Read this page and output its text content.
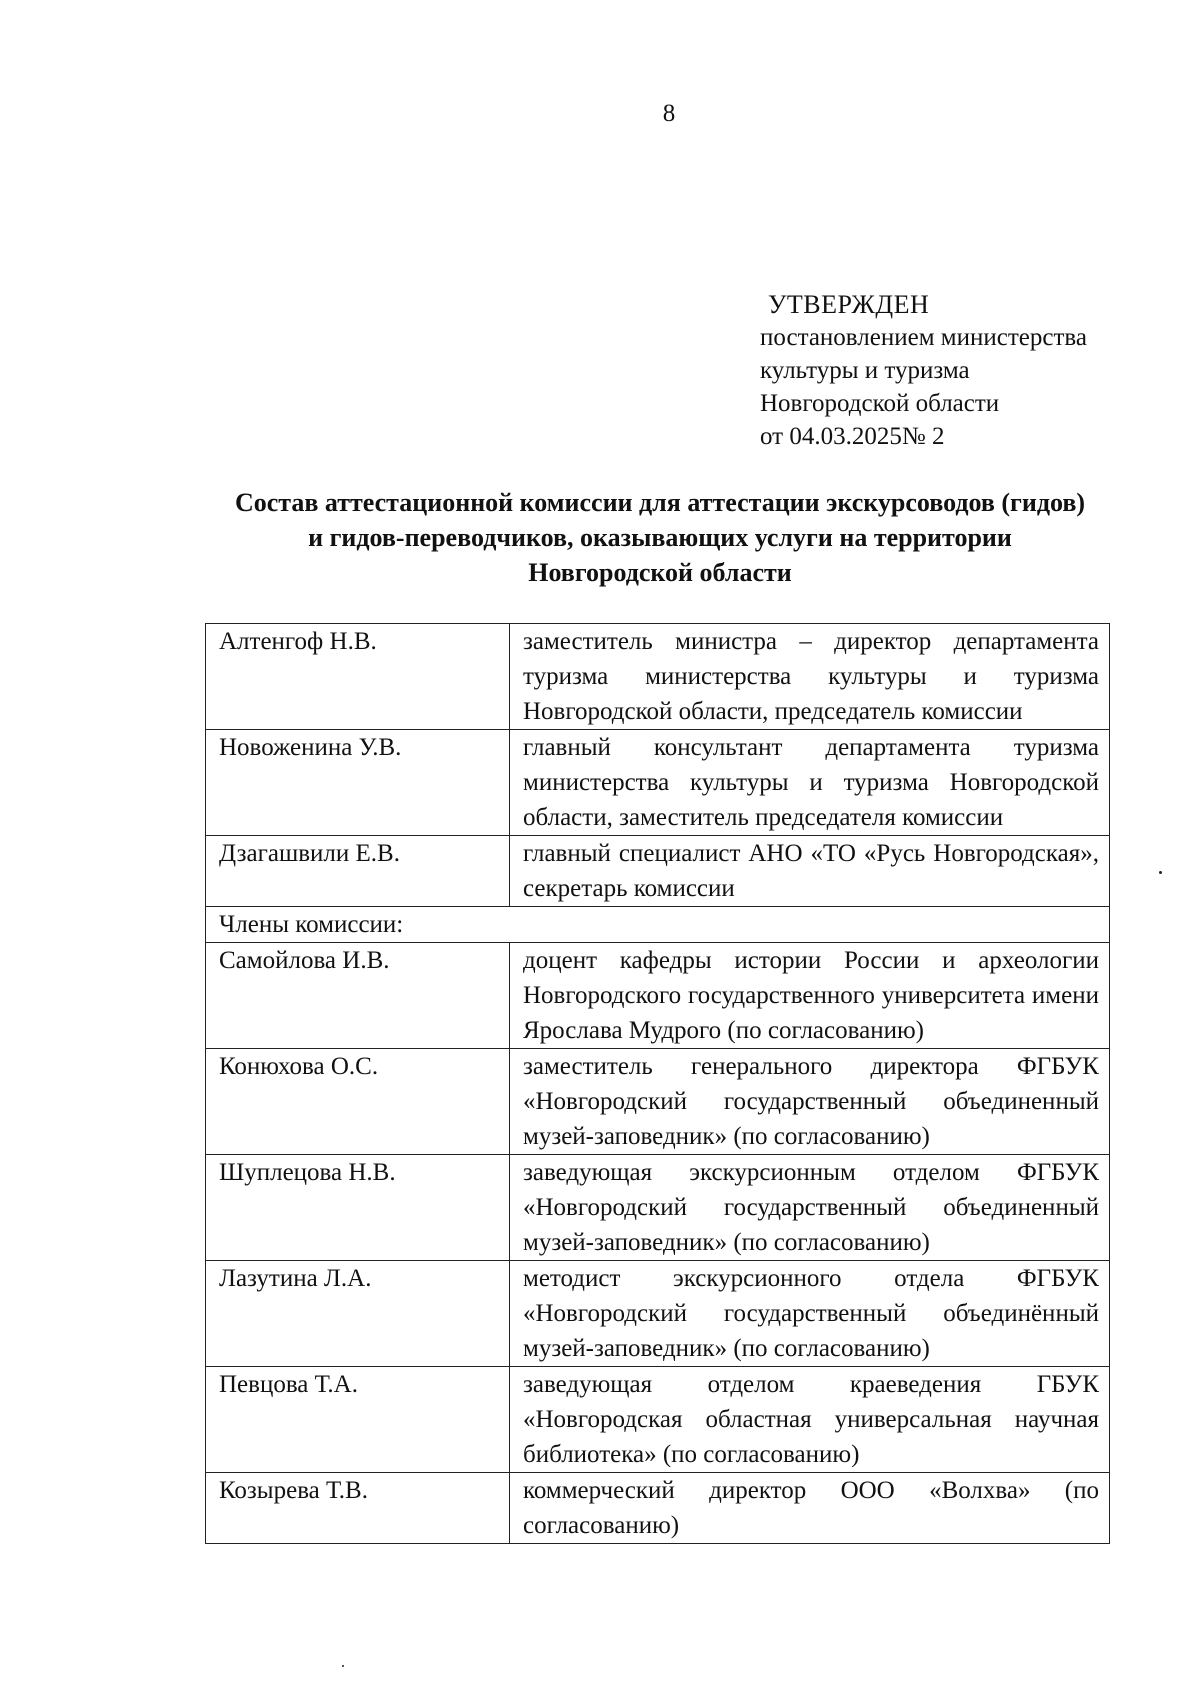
8
УТВЕРЖДЕН
постановлением министерства
культуры и туризма
Новгородской области
от 04.03.2025№ 2
Состав аттестационной комиссии для аттестации экскурсоводов (гидов)
и гидов-переводчиков, оказывающих услуги на территории
Новгородской области
Алтенгоф Н.В.	заместитель министра – директор департамента туризма министерства культуры и туризма Новгородской области, председатель комиссии
Новоженина У.В.	главный консультант департамента туризма министерства культуры и туризма Новгородской области, заместитель председателя комиссии
Дзагашвили Е.В.	главный специалист АНО «ТО «Русь Новгородская», секретарь комиссии
Члены комиссии:	
Самойлова И.В.	доцент кафедры истории России и археологии Новгородского государственного университета имени Ярослава Мудрого (по согласованию)
Конюхова О.С.	заместитель генерального директора ФГБУК «Новгородский государственный объединенный музей-заповедник» (по согласованию)
Шуплецова Н.В.	заведующая экскурсионным отделом ФГБУК «Новгородский государственный объединенный музей-заповедник» (по согласованию)
Лазутина Л.А.	методист экскурсионного отдела ФГБУК «Новгородский государственный объединённый музей-заповедник» (по согласованию)
Певцова Т.А.	заведующая отделом краеведения ГБУК «Новгородская областная универсальная научная библиотека» (по согласованию)
Козырева Т.В.	коммерческий директор ООО «Волхва» (по согласованию)
